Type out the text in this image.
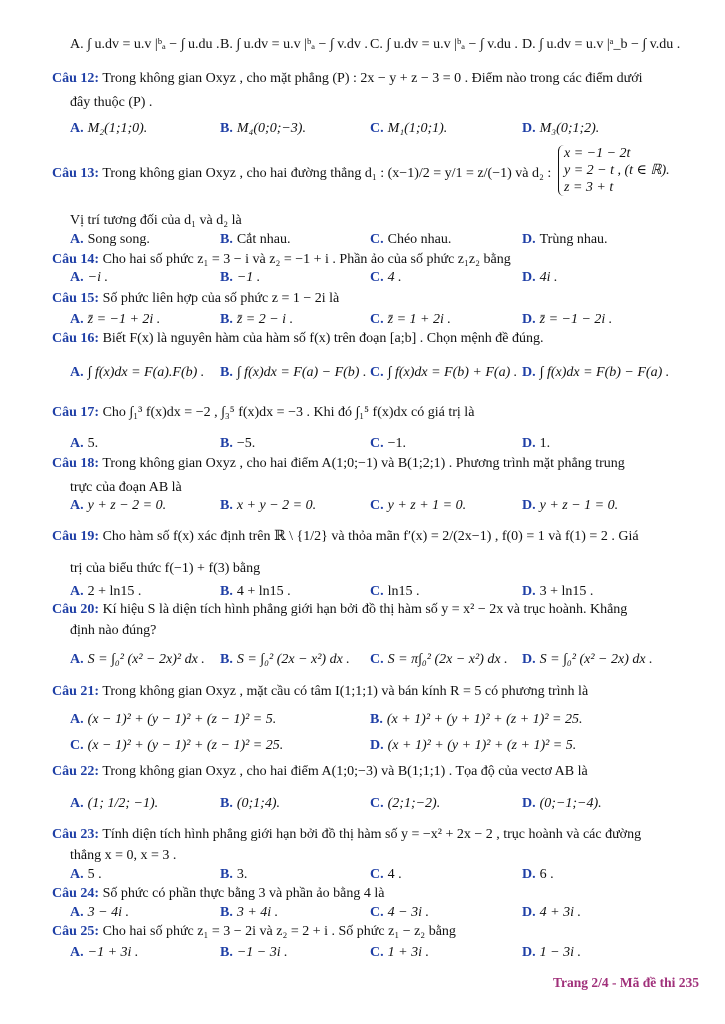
A. ∫ u.dv = u.v |ᵇₐ − ∫ u.du . B. ∫ u.dv = u.v |ᵇₐ − ∫ v.dv . C. ∫ u.dv = u.v |ᵇₐ − ∫ v.du . D. ∫ u.dv = u.v |ᵃ_b − ∫ v.du .
Câu 12: Trong không gian Oxyz , cho mặt phẳng (P) : 2x − y + z − 3 = 0 . Điểm nào trong các điểm dưới
đây thuộc (P) .
A. M₂(1;1;0).	B. M₄(0;0;−3).	C. M₁(1;0;1).	D. M₃(0;1;2).
Câu 13: Trong không gian Oxyz , cho hai đường thẳng d₁ : (x−1)/2 = y/1 = z/(−1) và d₂ :
x = −1 − 2t
y = 2 − t , (t ∈ ℝ).
z = 3 + t
Vị trí tương đối của d₁ và d₂ là
A. Song song.	B. Cắt nhau.	C. Chéo nhau.	D. Trùng nhau.
Câu 14: Cho hai số phức z₁ = 3 − i và z₂ = −1 + i . Phần ảo của số phức z₁z₂ bằng
A. −i .	B. −1 .	C. 4 .	D. 4i .
Câu 15: Số phức liên hợp của số phức z = 1 − 2i là
A. z̄ = −1 + 2i .	B. z̄ = 2 − i .	C. z̄ = 1 + 2i .	D. z̄ = −1 − 2i .
Câu 16: Biết F(x) là nguyên hàm của hàm số f(x) trên đoạn [a;b] . Chọn mệnh đề đúng.
A. ∫ f(x)dx = F(a).F(b) . B. ∫ f(x)dx = F(a) − F(b) . C. ∫ f(x)dx = F(b) + F(a) . D. ∫ f(x)dx = F(b) − F(a) .
Câu 17: Cho ∫₁³ f(x)dx = −2 , ∫₃⁵ f(x)dx = −3 . Khi đó ∫₁⁵ f(x)dx có giá trị là
A. 5.	B. −5.	C. −1.	D. 1.
Câu 18: Trong không gian Oxyz , cho hai điểm A(1;0;−1) và B(1;2;1) . Phương trình mặt phẳng trung
trực của đoạn AB là
A. y + z − 2 = 0.	B. x + y − 2 = 0.	C. y + z + 1 = 0.	D. y + z − 1 = 0.
Câu 19: Cho hàm số f(x) xác định trên ℝ \ {1/2} và thỏa mãn f′(x) = 2/(2x−1) , f(0) = 1 và f(1) = 2 . Giá
trị của biểu thức f(−1) + f(3) bằng
A. 2 + ln15 .	B. 4 + ln15 .	C. ln15 .	D. 3 + ln15 .
Câu 20: Kí hiệu S là diện tích hình phẳng giới hạn bởi đồ thị hàm số y = x² − 2x và trục hoành. Khẳng
định nào đúng?
A. S = ∫₀² (x² − 2x)² dx . B. S = ∫₀² (2x − x²) dx . C. S = π∫₀² (2x − x²) dx . D. S = ∫₀² (x² − 2x) dx .
Câu 21: Trong không gian Oxyz , mặt cầu có tâm I(1;1;1) và bán kính R = 5 có phương trình là
A. (x − 1)² + (y − 1)² + (z − 1)² = 5.	B. (x + 1)² + (y + 1)² + (z + 1)² = 25.
C. (x − 1)² + (y − 1)² + (z − 1)² = 25.	D. (x + 1)² + (y + 1)² + (z + 1)² = 5.
Câu 22: Trong không gian Oxyz , cho hai điểm A(1;0;−3) và B(1;1;1) . Tọa độ của vectơ AB là
A. (1; 1/2; −1).	B. (0;1;4).	C. (2;1;−2).	D. (0;−1;−4).
Câu 23: Tính diện tích hình phẳng giới hạn bởi đồ thị hàm số y = −x² + 2x − 2 , trục hoành và các đường
thẳng x = 0, x = 3 .
A. 5 .	B. 3.	C. 4 .	D. 6 .
Câu 24: Số phức có phần thực bằng 3 và phần ảo bằng 4 là
A. 3 − 4i .	B. 3 + 4i .	C. 4 − 3i .	D. 4 + 3i .
Câu 25: Cho hai số phức z₁ = 3 − 2i và z₂ = 2 + i . Số phức z₁ − z₂ bằng
A. −1 + 3i .	B. −1 − 3i .	C. 1 + 3i .	D. 1 − 3i .
Trang 2/4 - Mã đề thi 235
